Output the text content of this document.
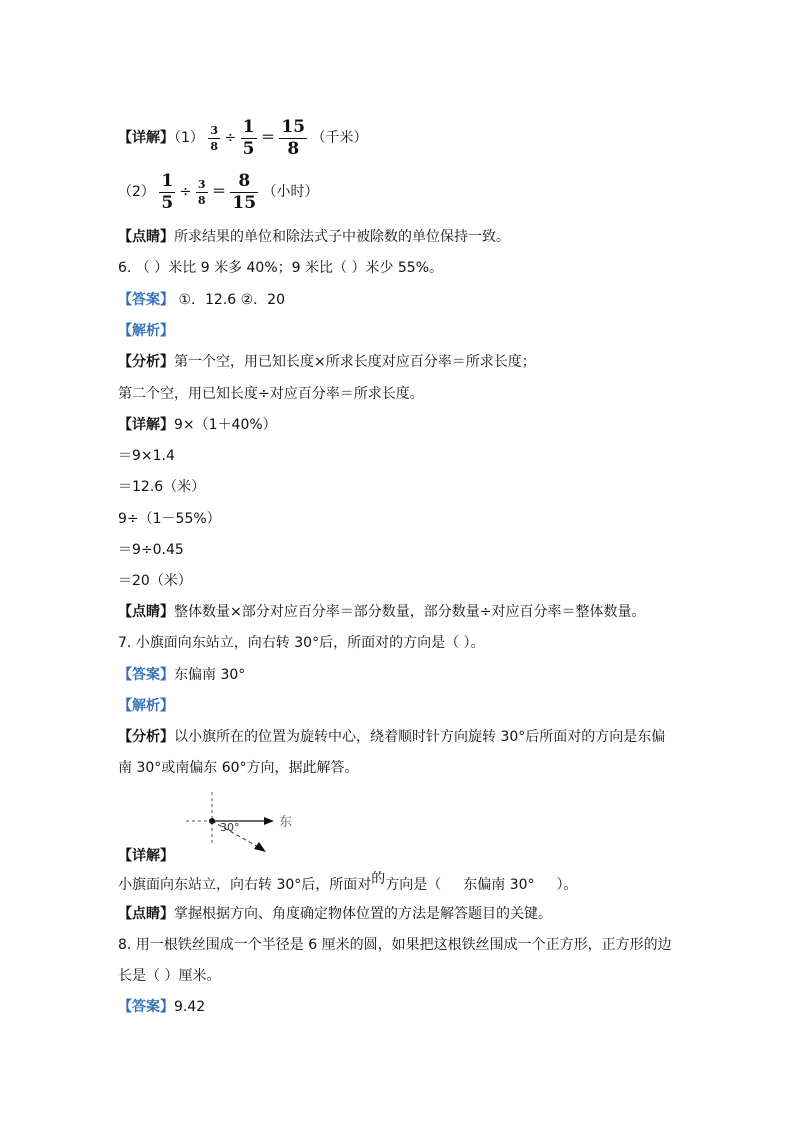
【详解】$(1) \frac{3}{8} \div \frac{1}{5} = \frac{15}{8}$ （千米）
$(2) \frac{1}{5} \div \frac{3}{8} = \frac{8}{15}$ （小时）
【点睛】所求结果的单位和除法式子中被除数的单位保持一致。
6. （ ）米比 9 米多 40%；9 米比（ ）米少 55%。
【答案】 ①．12.6 ②．20
【解析】
【分析】第一个空，用已知长度×所求长度对应百分率＝所求长度；
第二个空，用已知长度÷对应百分率＝所求长度。
【详解】9×（1＋40%）
＝9×1.4
＝12.6（米）
9÷（1－55%）
＝9÷0.45
＝20（米）
【点睛】整体数量×部分对应百分率＝部分数量，部分数量÷对应百分率＝整体数量。
7. 小旗面向东站立，向右转 30°后，所面对的方向是（ ）。
【答案】东偏南 30°
【解析】
【分析】以小旗所在的位置为旋转中心，绕着顺时针方向旋转 30°后所面对的方向是东偏
南 30°或南偏东 60°方向，据此解答。
30°	东
【详解】
小旗面向东站立，向右转 30°后，所面对的方向是（ 东偏南 30° ）。
【点睛】掌握根据方向、角度确定物体位置的方法是解答题目的关键。
8. 用一根铁丝围成一个半径是 6 厘米的圆，如果把这根铁丝围成一个正方形，正方形的边
长是（ ）厘米。
【答案】9.42
